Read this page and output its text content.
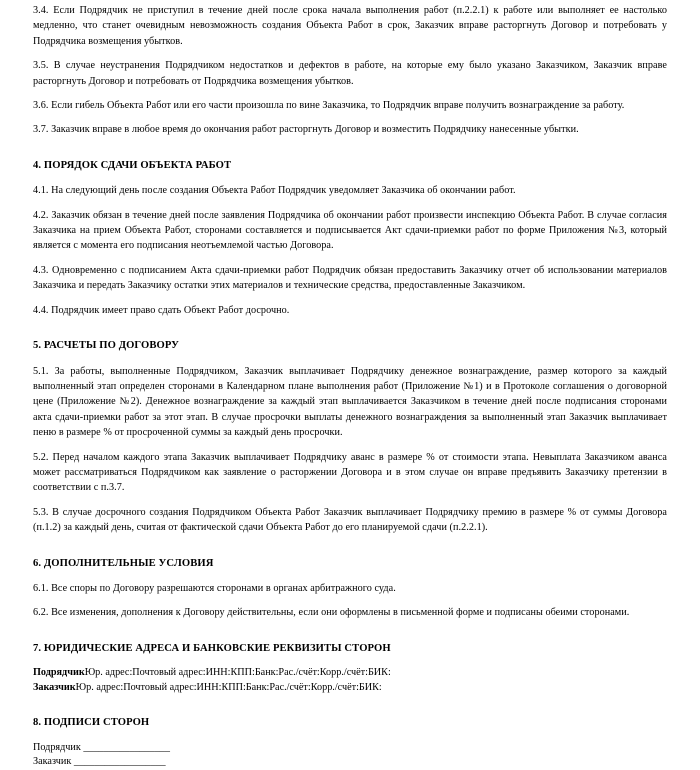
3.4. Если Подрядчик не приступил в течение дней после срока начала выполнения работ (п.2.2.1) к работе или выполняет ее настолько медленно, что станет очевидным невозможность создания Объекта Работ в срок, Заказчик вправе расторгнуть Договор и потребовать у Подрядчика возмещения убытков.

3.5. В случае неустранения Подрядчиком недостатков и дефектов в работе, на которые ему было указано Заказчиком, Заказчик вправе расторгнуть Договор и потребовать от Подрядчика возмещения убытков.

3.6. Если гибель Объекта Работ или его части произошла по вине Заказчика, то Подрядчик вправе получить вознаграждение за работу.

3.7. Заказчик вправе в любое время до окончания работ расторгнуть Договор и возместить Подрядчику нанесенные убытки.

4. ПОРЯДОК СДАЧИ ОБЪЕКТА РАБОТ

4.1. На следующий день после создания Объекта Работ Подрядчик уведомляет Заказчика об окончании работ.

4.2. Заказчик обязан в течение дней после заявления Подрядчика об окончании работ произвести инспекцию Объекта Работ. В случае согласия Заказчика на прием Объекта Работ, сторонами составляется и подписывается Акт сдачи-приемки работ по форме Приложения №3, который является с момента его подписания неотъемлемой частью Договора.

4.3. Одновременно с подписанием Акта сдачи-приемки работ Подрядчик обязан предоставить Заказчику отчет об использовании материалов Заказчика и передать Заказчику остатки этих материалов и технические средства, предоставленные Заказчиком.

4.4. Подрядчик имеет право сдать Объект Работ досрочно.

5. РАСЧЕТЫ ПО ДОГОВОРУ

5.1. За работы, выполненные Подрядчиком, Заказчик выплачивает Подрядчику денежное вознаграждение, размер которого за каждый выполненный этап определен сторонами в Календарном плане выполнения работ (Приложение №1) и в Протоколе соглашения о договорной цене (Приложение №2). Денежное вознаграждение за каждый этап выплачивается Заказчиком в течение дней после подписания сторонами акта сдачи-приемки работ за этот этап. В случае просрочки выплаты денежного вознаграждения за выполненный этап Заказчик выплачивает пеню в размере % от просроченной суммы за каждый день просрочки.

5.2. Перед началом каждого этапа Заказчик выплачивает Подрядчику аванс в размере % от стоимости этапа. Невыплата Заказчиком аванса может рассматриваться Подрядчиком как заявление о расторжении Договора и в этом случае он вправе предъявить Заказчику претензии в соответствии с п.3.7.

5.3. В случае досрочного создания Подрядчиком Объекта Работ Заказчик выплачивает Подрядчику премию в размере % от суммы Договора (п.1.2) за каждый день, считая от фактической сдачи Объекта Работ до его планируемой сдачи (п.2.2.1).

6. ДОПОЛНИТЕЛЬНЫЕ УСЛОВИЯ

6.1. Все споры по Договору разрешаются сторонами в органах арбитражного суда.

6.2. Все изменения, дополнения к Договору действительны, если они оформлены в письменной форме и подписаны обеими сторонами.

7. ЮРИДИЧЕСКИЕ АДРЕСА И БАНКОВСКИЕ РЕКВИЗИТЫ СТОРОН

ПодрядчикЮр. адрес:Почтовый адрес:ИНН:КПП:Банк:Рас./счёт:Корр./счёт:БИК:

ЗаказчикЮр. адрес:Почтовый адрес:ИНН:КПП:Банк:Рас./счёт:Корр./счёт:БИК:

8. ПОДПИСИ СТОРОН

Подрядчик _________________

Заказчик __________________
